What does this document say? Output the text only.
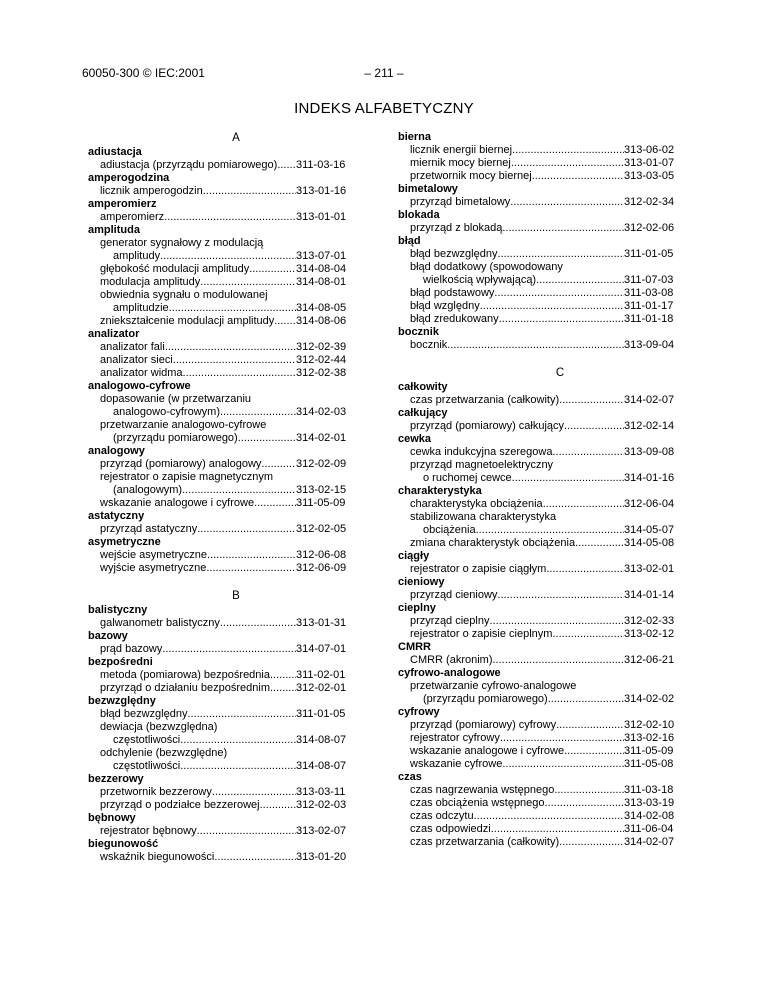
60050-300 © IEC:2001	– 211 –
INDEKS ALFABETYCZNY
A
adiustacja
adiustacja (przyrządu pomiarowego) ..... 311-03-16
amperogodzina
licznik amperogodzin .....	313-01-16
amperomierz
amperomierz .....	313-01-01
amplituda
generator sygnałowy z modulacją
amplitudy .....	313-07-01
głębokość modulacji amplitudy .....	314-08-04
modulacja amplitudy .....	314-08-01
obwiednia sygnału o modulowanej
amplitudzie .....	314-08-05
zniekształcenie modulacji amplitudy ..... 314-08-06
analizator
analizator fali .....	312-02-39
analizator sieci .....	312-02-44
analizator widma .....	312-02-38
analogowo-cyfrowe
dopasowanie (w przetwarzaniu
analogowo-cyfrowym) .....	314-02-03
przetwarzanie analogowo-cyfrowe
(przyrządu pomiarowego) .....	314-02-01
analogowy
przyrząd (pomiarowy) analogowy .....	312-02-09
rejestrator o zapisie magnetycznym
(analogowym) .....	313-02-15
wskazanie analogowe i cyfrowe .....	311-05-09
astatyczny
przyrząd astatyczny .....	312-02-05
asymetryczne
wejście asymetryczne .....	312-06-08
wyjście asymetryczne .....	312-06-09
B
balistyczny
galwanometr balistyczny .....	313-01-31
bazowy
prąd bazowy .....	314-07-01
bezpośredni
metoda (pomiarowa) bezpośrednia ..... 311-02-01
przyrząd o działaniu bezpośrednim ..... 312-02-01
bezwzględny
błąd bezwzględny .....	311-01-05
dewiacja (bezwzględna)
częstotliwości .....	314-08-07
odchylenie (bezwzględne)
częstotliwości .....	314-08-07
bezzerowy
przetwornik bezzerowy .....	313-03-11
przyrząd o podziałce bezzerowej .....	312-02-03
bębnowy
rejestrator bębnowy .....	313-02-07
biegunowość
wskaźnik biegunowości .....	313-01-20
bierna
licznik energii biernej
.....	313-06-02
miernik mocy biernej
.....	313-01-07
przetwornik mocy biernej
.....	313-03-05
bimetalowy
przyrząd bimetalowy
.....	312-02-34
blokada
przyrząd z blokadą
.....	312-02-06
błąd
błąd bezwzględny .....	311-01-05
błąd dodatkowy (spowodowany
wielkością wpływającą) .....	311-07-03
błąd podstawowy .....	311-03-08
błąd względny .....	311-01-17
błąd zredukowany .....	311-01-18
bocznik
bocznik
.....	313-09-04
C
całkowity
czas przetwarzania (całkowity)
.....	314-02-07
całkujący
przyrząd (pomiarowy) całkujący
.....	312-02-14
cewka
cewka indukcyjna szeregowa
.....	313-09-08
przyrząd magnetoelektryczny
o ruchomej cewce
.....	314-01-16
charakterystyka
charakterystyka obciążenia
.....	312-06-04
stabilizowana charakterystyka
obciążenia
.....	314-05-07
zmiana charakterystyk obciążenia
.....	314-05-08
ciągły
rejestrator o zapisie ciągłym
.....	313-02-01
cieniowy
przyrząd cieniowy
.....	314-01-14
cieplny
przyrząd cieplny
.....	312-02-33
rejestrator o zapisie cieplnym
.....	313-02-12
CMRR
CMRR (akronim)
.....	312-06-21
cyfrowo-analogowe
przetwarzanie cyfrowo-analogowe
(przyrządu pomiarowego)
.....	314-02-02
cyfrowy
przyrząd (pomiarowy) cyfrowy
.....	312-02-10
rejestrator cyfrowy
.....	313-02-16
wskazanie analogowe i cyfrowe .....	311-05-09
wskazanie cyfrowe .....	311-05-08
czas
czas nagrzewania wstępnego .....	311-03-18
czas obciążenia wstępnego
.....	313-03-19
czas odczytu
.....	314-02-08
czas odpowiedzi .....	311-06-04
czas przetwarzania (całkowity)
.....	314-02-07
